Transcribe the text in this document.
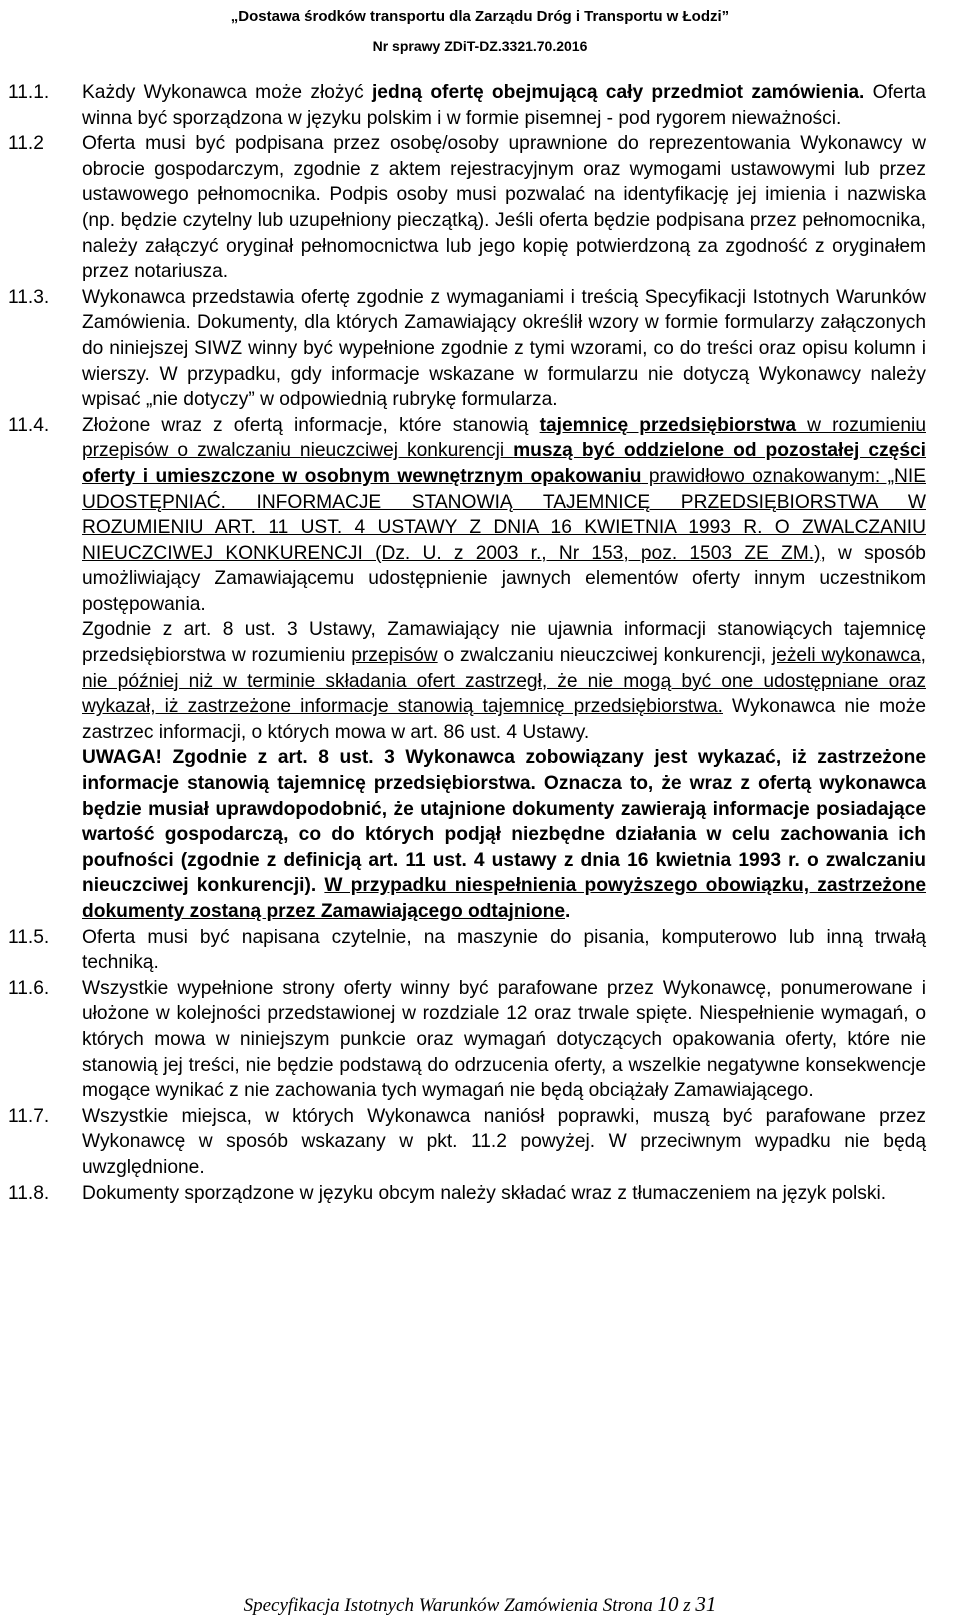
„Dostawa środków transportu dla Zarządu Dróg i Transportu w Łodzi”
Nr sprawy ZDiT-DZ.3321.70.2016
11.1. Każdy Wykonawca może złożyć jedną ofertę obejmującą cały przedmiot zamówienia. Oferta winna być sporządzona w języku polskim i w formie pisemnej - pod rygorem nieważności.
11.2 Oferta musi być podpisana przez osobę/osoby uprawnione do reprezentowania Wykonawcy w obrocie gospodarczym, zgodnie z aktem rejestracyjnym oraz wymogami ustawowymi lub przez ustawowego pełnomocnika. Podpis osoby musi pozwalać na identyfikację jej imienia i nazwiska (np. będzie czytelny lub uzupełniony pieczątką). Jeśli oferta będzie podpisana przez pełnomocnika, należy załączyć oryginał pełnomocnictwa lub jego kopię potwierdzoną za zgodność z oryginałem przez notariusza.
11.3. Wykonawca przedstawia ofertę zgodnie z wymaganiami i treścią Specyfikacji Istotnych Warunków Zamówienia. Dokumenty, dla których Zamawiający określił wzory w formie formularzy załączonych do niniejszej SIWZ winny być wypełnione zgodnie z tymi wzorami, co do treści oraz opisu kolumn i wierszy. W przypadku, gdy informacje wskazane w formularzu nie dotyczą Wykonawcy należy wpisać „nie dotyczy” w odpowiednią rubrykę formularza.
11.4. Złożone wraz z ofertą informacje, które stanowią tajemnicę przedsiębiorstwa w rozumieniu przepisów o zwalczaniu nieuczciwej konkurencji muszą być oddzielone od pozostałej części oferty i umieszczone w osobnym wewnętrznym opakowaniu prawidłowo oznakowanym: „NIE UDOSTĘPNIAĆ. INFORMACJE STANOWIĄ TAJEMNICĘ PRZEDSIĘBIORSTWA W ROZUMIENIU ART. 11 UST. 4 USTAWY Z DNIA 16 KWIETNIA 1993 R. O ZWALCZANIU NIEUCZCIWEJ KONKURENCJI (Dz. U. z 2003 r., Nr 153, poz. 1503 ZE ZM.), w sposób umożliwiający Zamawiającemu udostępnienie jawnych elementów oferty innym uczestnikom postępowania.
Zgodnie z art. 8 ust. 3 Ustawy, Zamawiający nie ujawnia informacji stanowiących tajemnicę przedsiębiorstwa w rozumieniu przepisów o zwalczaniu nieuczciwej konkurencji, jeżeli wykonawca, nie później niż w terminie składania ofert zastrzegł, że nie mogą być one udostępniane oraz wykazał, iż zastrzeżone informacje stanowią tajemnicę przedsiębiorstwa. Wykonawca nie może zastrzec informacji, o których mowa w art. 86 ust. 4 Ustawy.
UWAGA! Zgodnie z art. 8 ust. 3 Wykonawca zobowiązany jest wykazać, iż zastrzeżone informacje stanowią tajemnicę przedsiębiorstwa. Oznacza to, że wraz z ofertą wykonawca będzie musiał uprawdopodobnić, że utajnione dokumenty zawierają informacje posiadające wartość gospodarczą, co do których podjął niezbędne działania w celu zachowania ich poufności (zgodnie z definicją art. 11 ust. 4 ustawy z dnia 16 kwietnia 1993 r. o zwalczaniu nieuczciwej konkurencji). W przypadku niespełnienia powyższego obowiązku, zastrzeżone dokumenty zostaną przez Zamawiającego odtajnione.
11.5. Oferta musi być napisana czytelnie, na maszynie do pisania, komputerowo lub inną trwałą techniką.
11.6. Wszystkie wypełnione strony oferty winny być parafowane przez Wykonawcę, ponumerowane i ułożone w kolejności przedstawionej w rozdziale 12 oraz trwale spięte. Niespełnienie wymagań, o których mowa w niniejszym punkcie oraz wymagań dotyczących opakowania oferty, które nie stanowią jej treści, nie będzie podstawą do odrzucenia oferty, a wszelkie negatywne konsekwencje mogące wynikać z nie zachowania tych wymagań nie będą obciążały Zamawiającego.
11.7. Wszystkie miejsca, w których Wykonawca naniósł poprawki, muszą być parafowane przez Wykonawcę w sposób wskazany w pkt. 11.2 powyżej. W przeciwnym wypadku nie będą uwzględnione.
11.8. Dokumenty sporządzone w języku obcym należy składać wraz z tłumaczeniem na język polski.
Specyfikacja Istotnych Warunków Zamówienia Strona 10 z 31
